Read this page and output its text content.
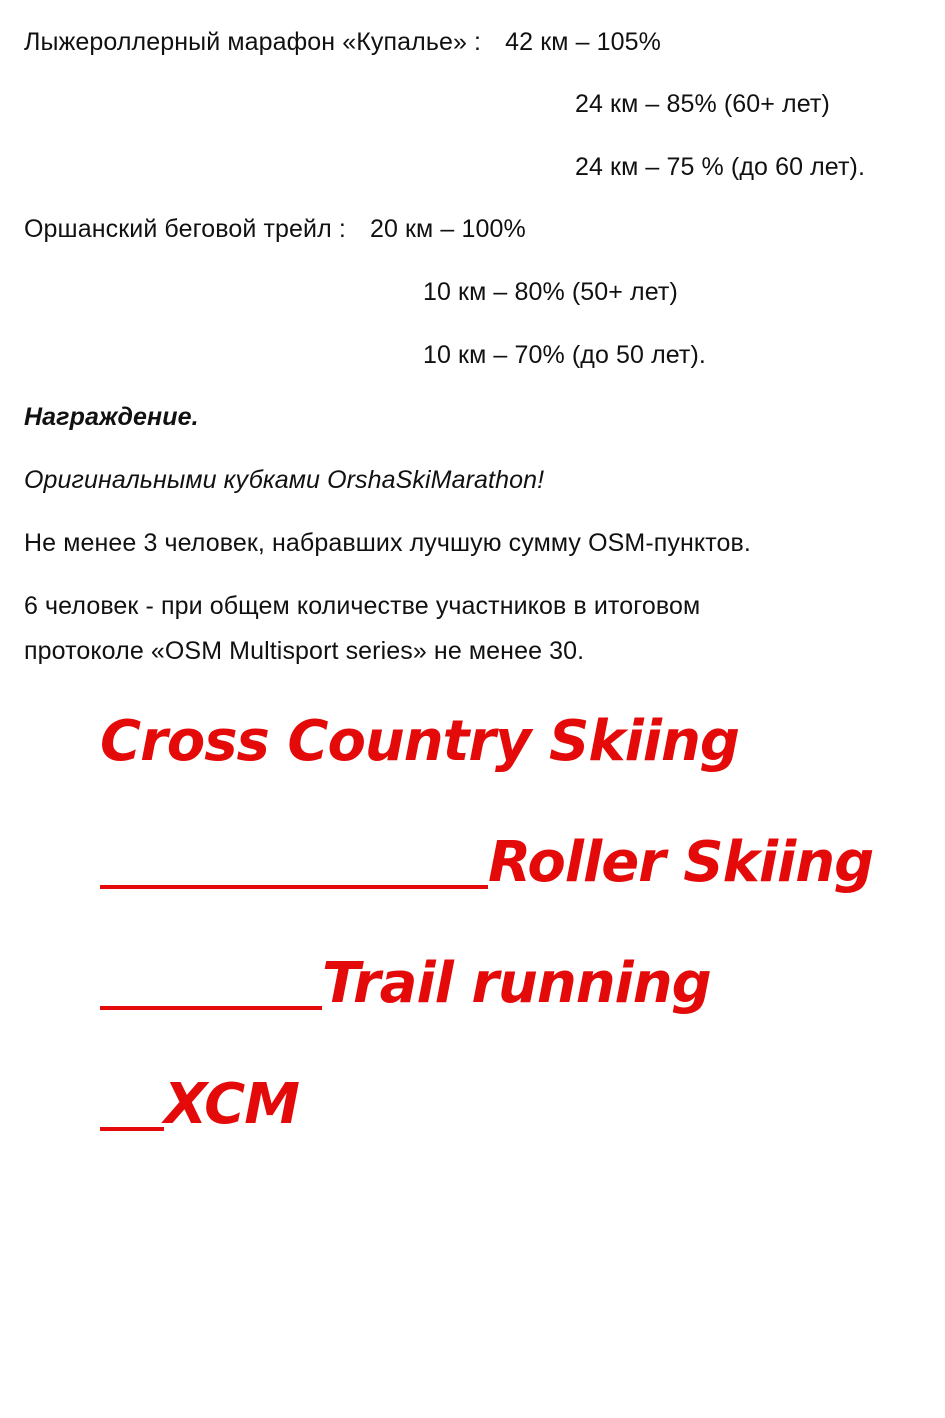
Лыжероллерный марафон «Купалье» : 42 км – 105%
24 км – 85% (60+ лет)
24 км – 75 % (до 60 лет).
Оршанский беговой трейл : 20 км – 100%
10 км – 80% (50+ лет)
10 км – 70% (до 50 лет).
Награждение.
Оригинальными кубками OrshaSkiMarathon!
Не менее 3 человек, набравших лучшую сумму OSM-пунктов.
6 человек - при общем количестве участников в итоговом
протоколе «OSM Multisport series» не менее 30.
Cross Country Skiing
Roller Skiing
Trail running
XCM
